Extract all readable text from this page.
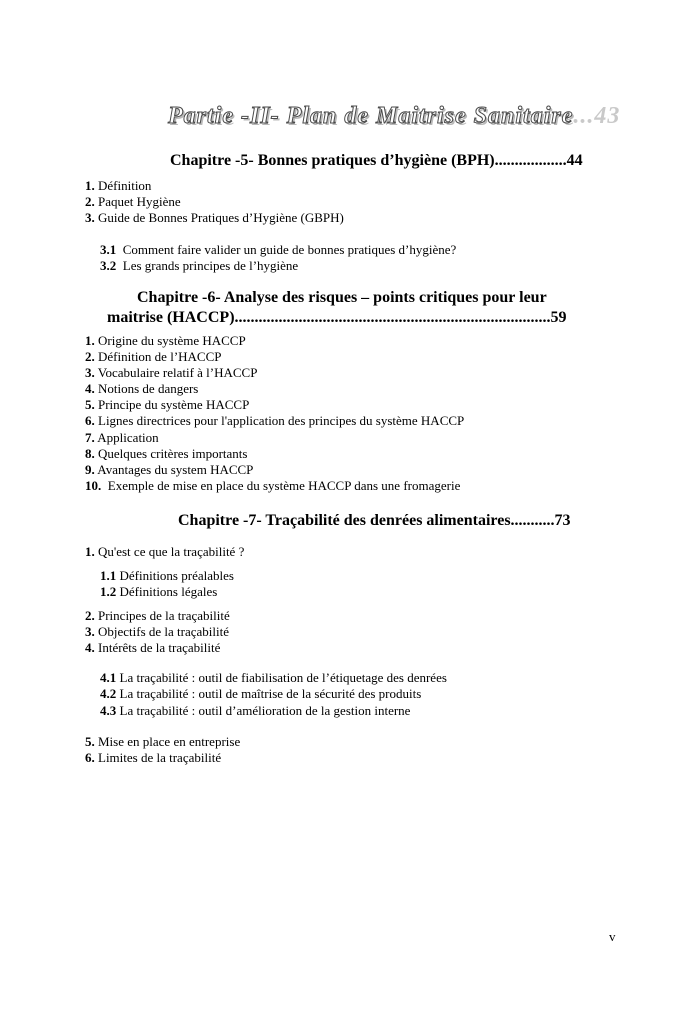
Partie -II- Plan de Maitrise Sanitaire...43
Chapitre -5- Bonnes pratiques d’hygiène (BPH)..................44
1. Définition
2. Paquet Hygiène
3. Guide de Bonnes Pratiques d’Hygiène (GBPH)
3.1 Comment faire valider un guide de bonnes pratiques d’hygiène?
3.2 Les grands principes de l’hygiène
Chapitre -6- Analyse des risques – points critiques pour leur
maitrise (HACCP)...............................................................................59
1. Origine du système HACCP
2. Définition de l’HACCP
3. Vocabulaire relatif à l’HACCP
4. Notions de dangers
5. Principe du système HACCP
6. Lignes directrices pour l'application des principes du système HACCP
7. Application
8. Quelques critères importants
9. Avantages du system HACCP
10. Exemple de mise en place du système HACCP dans une fromagerie
Chapitre -7- Traçabilité des denrées alimentaires...........73
1. Qu'est ce que la traçabilité ?
1.1 Définitions préalables
1.2 Définitions légales
2. Principes de la traçabilité
3. Objectifs de la traçabilité
4. Intérêts de la traçabilité
4.1 La traçabilité : outil de fiabilisation de l’étiquetage des denrées
4.2 La traçabilité : outil de maîtrise de la sécurité des produits
4.3 La traçabilité : outil d’amélioration de la gestion interne
5. Mise en place en entreprise
6. Limites de la traçabilité
v
